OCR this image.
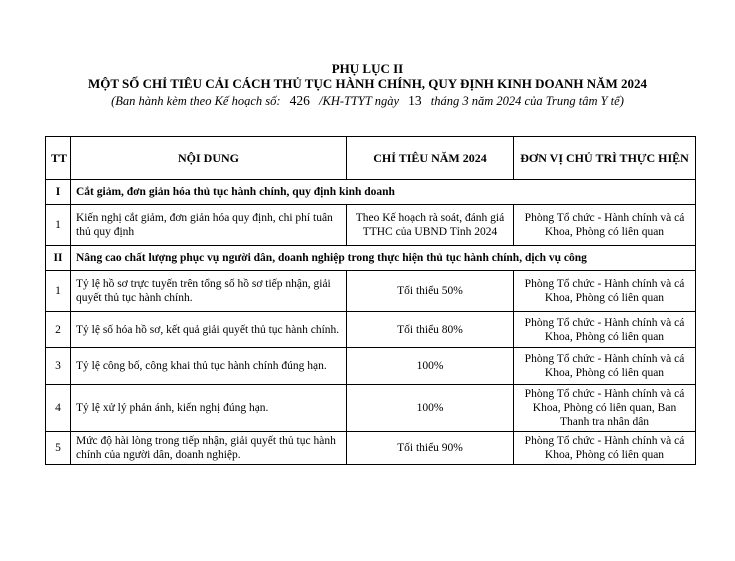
PHỤ LỤC II
MỘT SỐ CHỈ TIÊU CẢI CÁCH THỦ TỤC HÀNH CHÍNH, QUY ĐỊNH KINH DOANH NĂM 2024
(Ban hành kèm theo Kế hoạch số: 426 /KH-TTYT ngày 13 tháng 3 năm 2024 của Trung tâm Y tế)
TT	NỘI DUNG	CHỈ TIÊU NĂM 2024	ĐƠN VỊ CHỦ TRÌ THỰC HIỆN
I	Cắt giảm, đơn giản hóa thủ tục hành chính, quy định kinh doanh		
1	Kiến nghị cắt giảm, đơn giản hóa quy định, chi phí tuân thủ quy định	Theo Kế hoạch rà soát, đánh giá TTHC của UBND Tỉnh 2024	Phòng Tổ chức - Hành chính và cá Khoa, Phòng có liên quan
II	Nâng cao chất lượng phục vụ người dân, doanh nghiệp trong thực hiện thủ tục hành chính, dịch vụ công		
1	Tỷ lệ hồ sơ trực tuyến trên tổng số hồ sơ tiếp nhận, giải quyết thủ tục hành chính.	Tối thiểu 50%	Phòng Tổ chức - Hành chính và cá Khoa, Phòng có liên quan
2	Tỷ lệ số hóa hồ sơ, kết quả giải quyết thủ tục hành chính.	Tối thiểu 80%	Phòng Tổ chức - Hành chính và cá Khoa, Phòng có liên quan
3	Tỷ lệ công bố, công khai thủ tục hành chính đúng hạn.	100%	Phòng Tổ chức - Hành chính và cá Khoa, Phòng có liên quan
4	Tỷ lệ xử lý phản ánh, kiến nghị đúng hạn.	100%	Phòng Tổ chức - Hành chính và cá Khoa, Phòng có liên quan, Ban Thanh tra nhân dân
5	Mức độ hài lòng trong tiếp nhận, giải quyết thủ tục hành chính của người dân, doanh nghiệp.	Tối thiểu 90%	Phòng Tổ chức - Hành chính và cá Khoa, Phòng có liên quan
